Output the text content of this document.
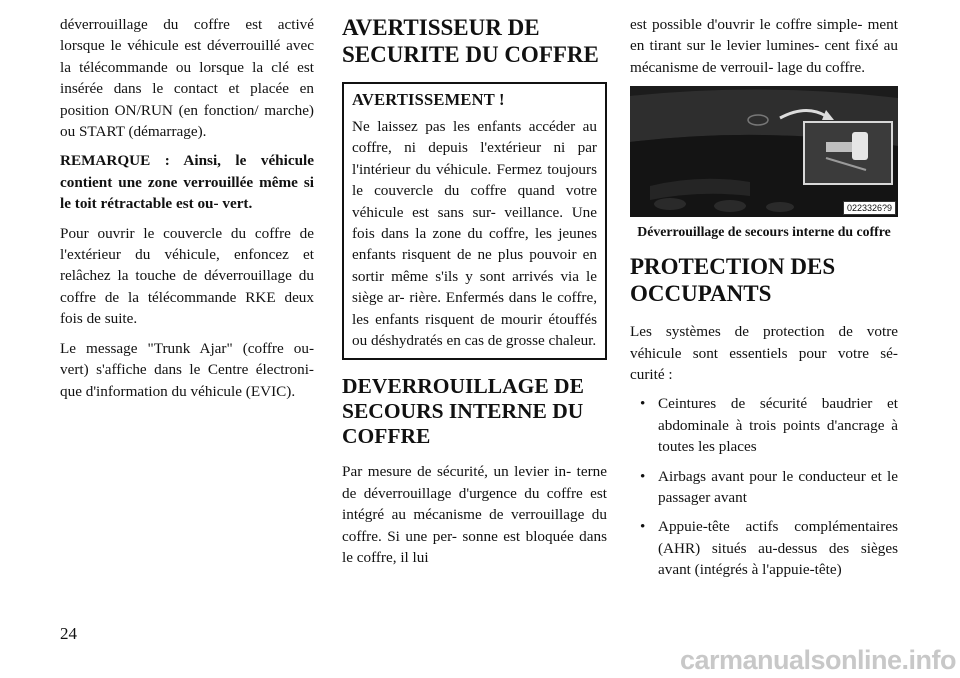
déverrouillage du coffre est activé lorsque le véhicule est déverrouillé avec la télécommande ou lorsque la clé est insérée dans le contact et placée en position ON/RUN (en fonction/ marche) ou START (démarrage).

REMARQUE : Ainsi, le véhicule contient une zone verrouillée même si le toit rétractable est ou- vert.

Pour ouvrir le couvercle du coffre de l'extérieur du véhicule, enfoncez et relâchez la touche de déverrouillage du coffre de la télécommande RKE deux fois de suite.

Le message "Trunk Ajar" (coffre ou- vert) s'affiche dans le Centre électroni- que d'information du véhicule (EVIC).

AVERTISSEUR DE SECURITE DU COFFRE
AVERTISSEMENT !

Ne laissez pas les enfants accéder au coffre, ni depuis l'extérieur ni par l'intérieur du véhicule. Fermez toujours le couvercle du coffre quand votre véhicule est sans sur- veillance. Une fois dans la zone du coffre, les jeunes enfants risquent de ne plus pouvoir en sortir même s'ils y sont arrivés via le siège ar- rière. Enfermés dans le coffre, les enfants risquent de mourir étouffés ou déshydratés en cas de grosse chaleur.

DEVERROUILLAGE DE SECOURS INTERNE DU COFFRE

Par mesure de sécurité, un levier in- terne de déverrouillage d'urgence du coffre est intégré au mécanisme de verrouillage du coffre. Si une per- sonne est bloquée dans le coffre, il lui

est possible d'ouvrir le coffre simple- ment en tirant sur le levier lumines- cent fixé au mécanisme de verrouil- lage du coffre.

0223326?9
Déverrouillage de secours interne du coffre
PROTECTION DES OCCUPANTS

Les systèmes de protection de votre véhicule sont essentiels pour votre sé- curité :

• Ceintures de sécurité baudrier et abdominale à trois points d'ancrage à toutes les places
• Airbags avant pour le conducteur et le passager avant
• Appuie-tête actifs complémentaires (AHR) situés au-dessus des sièges avant (intégrés à l'appuie-tête)
24
carmanualsonline.info
